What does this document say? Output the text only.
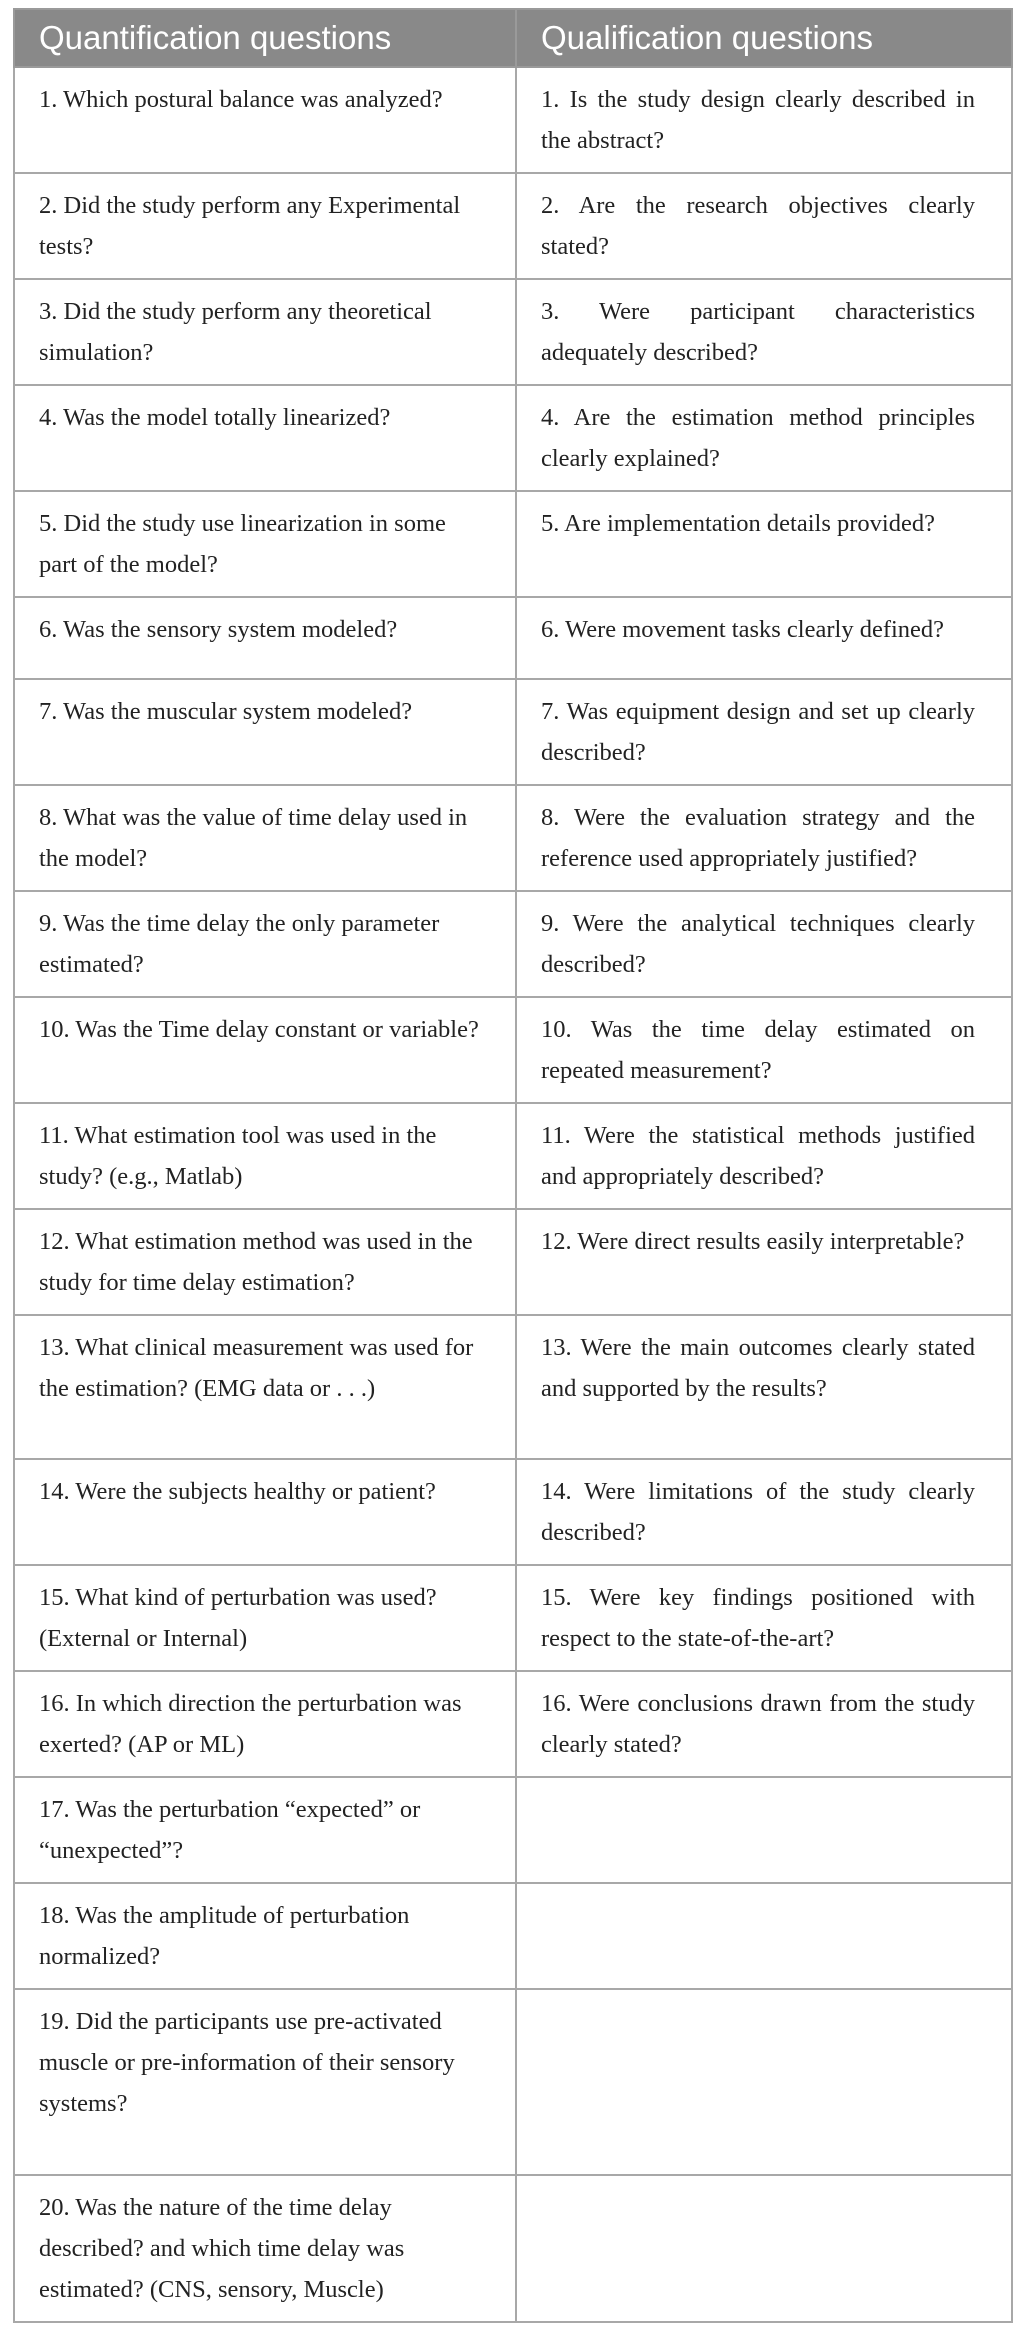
Quantification questions	Qualification questions
1. Which postural balance was analyzed?	1. Is the study design clearly described in the abstract?
2. Did the study perform any Experimental tests?	2. Are the research objectives clearly stated?
3. Did the study perform any theoretical simulation?	3. Were participant characteristics adequately described?
4. Was the model totally linearized?	4. Are the estimation method principles clearly explained?
5. Did the study use linearization in some part of the model?	5. Are implementation details provided?
6. Was the sensory system modeled?	6. Were movement tasks clearly defined?
7. Was the muscular system modeled?	7. Was equipment design and set up clearly described?
8. What was the value of time delay used in the model?	8. Were the evaluation strategy and the reference used appropriately justified?
9. Was the time delay the only parameter estimated?	9. Were the analytical techniques clearly described?
10. Was the Time delay constant or variable?	10. Was the time delay estimated on repeated measurement?
11. What estimation tool was used in the study? (e.g., Matlab)	11. Were the statistical methods justified and appropriately described?
12. What estimation method was used in the study for time delay estimation?	12. Were direct results easily interpretable?
13. What clinical measurement was used for the estimation? (EMG data or . . .)	13. Were the main outcomes clearly stated and supported by the results?
14. Were the subjects healthy or patient?	14. Were limitations of the study clearly described?
15. What kind of perturbation was used? (External or Internal)	15. Were key findings positioned with respect to the state-of-the-art?
16. In which direction the perturbation was exerted? (AP or ML)	16. Were conclusions drawn from the study clearly stated?
17. Was the perturbation “expected” or “unexpected”?	
18. Was the amplitude of perturbation normalized?	
19. Did the participants use pre-activated muscle or pre-information of their sensory systems?	
20. Was the nature of the time delay described? and which time delay was estimated? (CNS, sensory, Muscle)	
